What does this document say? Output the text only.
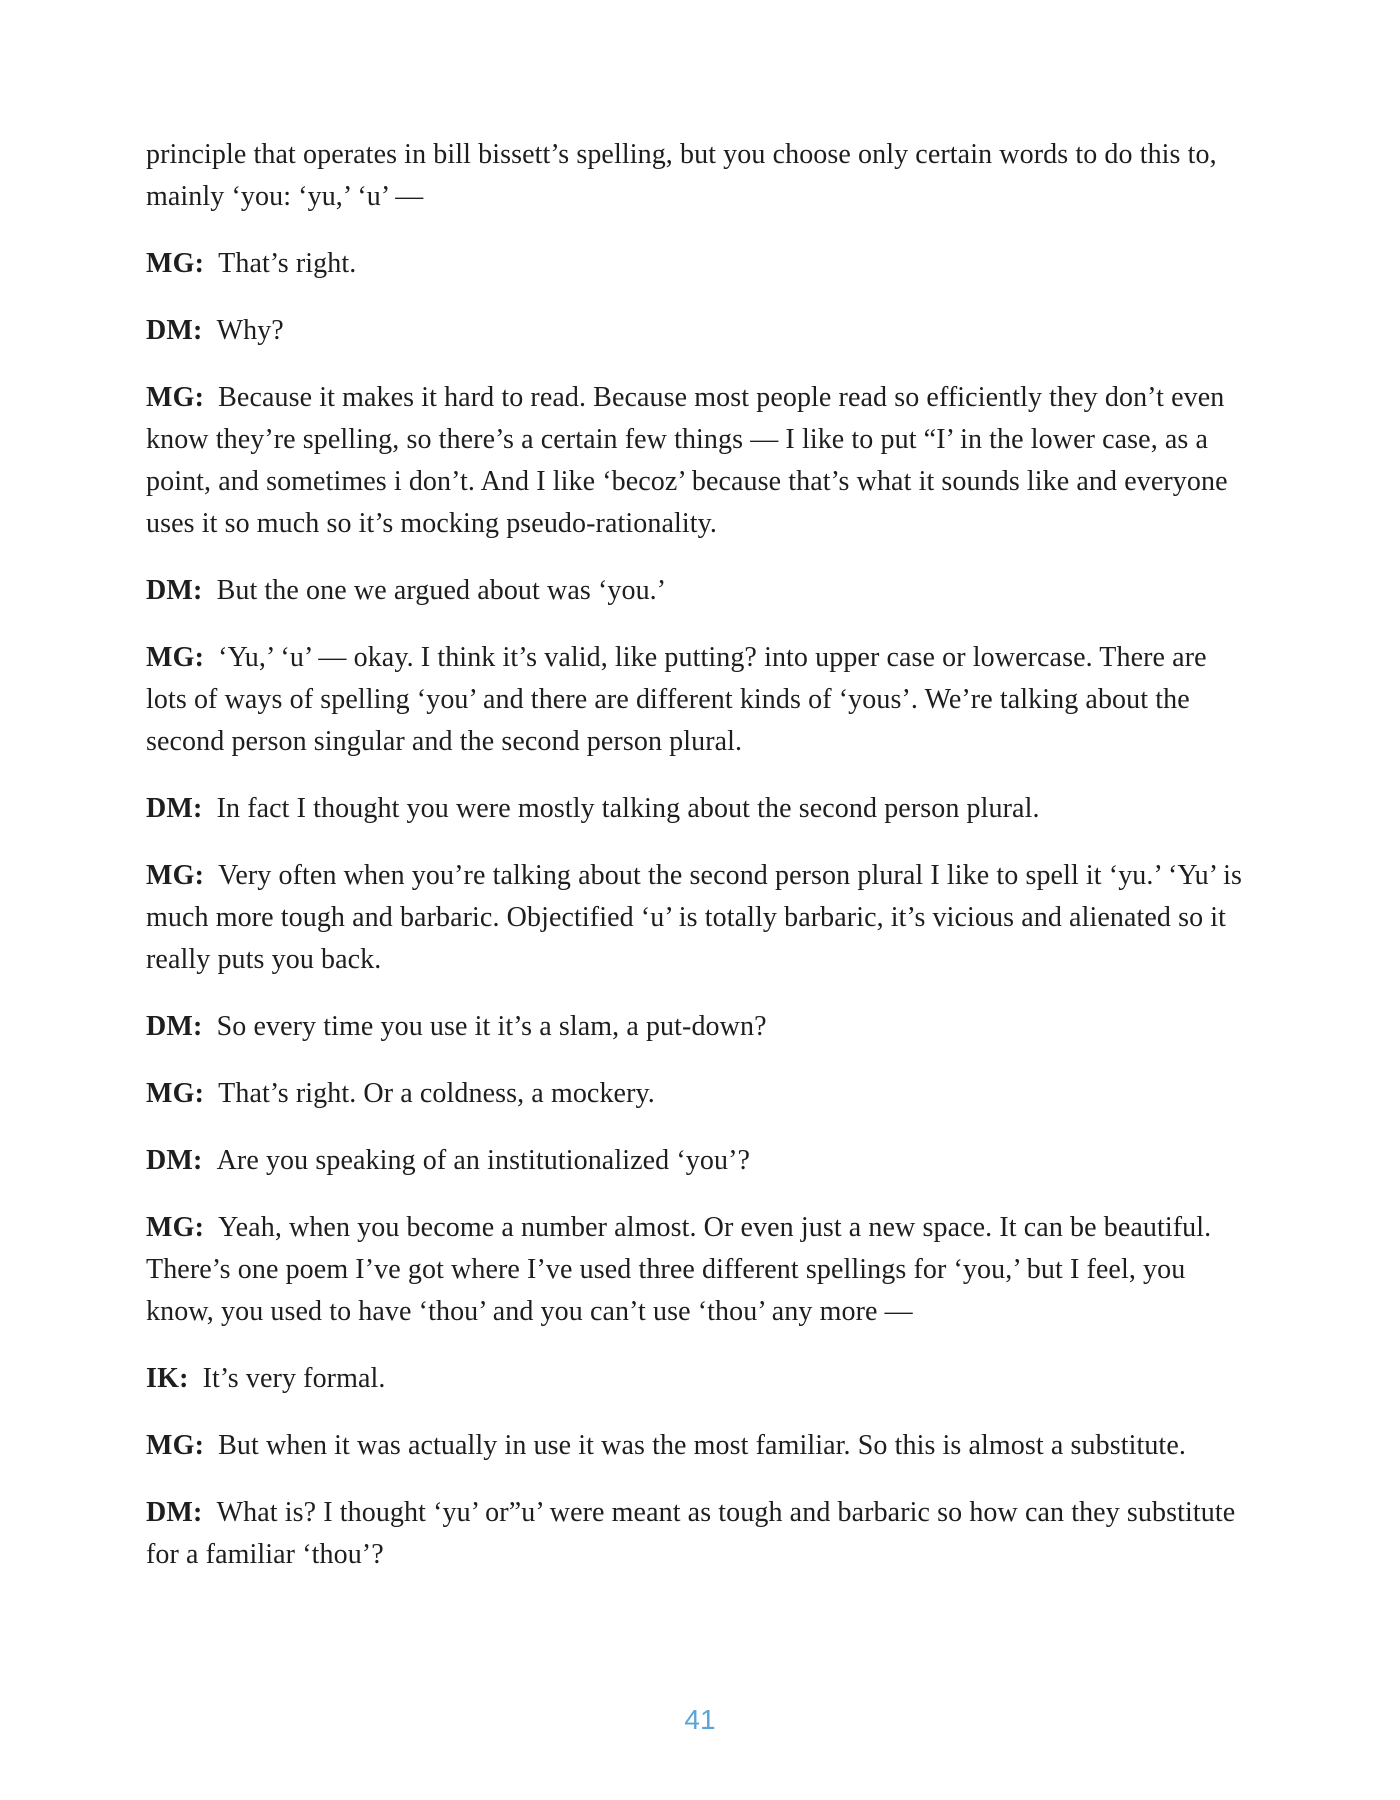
principle that operates in bill bissett’s spelling, but you choose only certain words to do this to, mainly ‘you: ‘yu,’ ‘u’ —

MG: That’s right.

DM: Why?

MG: Because it makes it hard to read. Because most people read so efficiently they don’t even know they’re spelling, so there’s a certain few things — I like to put “I’ in the lower case, as a point, and sometimes i don’t. And I like ‘becoz’ because that’s what it sounds like and everyone uses it so much so it’s mocking pseudo-rationality.

DM: But the one we argued about was ‘you.’

MG: ‘Yu,’ ‘u’ — okay. I think it’s valid, like putting? into upper case or lowercase. There are lots of ways of spelling ‘you’ and there are different kinds of ‘yous’. We’re talking about the second person singular and the second person plural.

DM: In fact I thought you were mostly talking about the second person plural.

MG: Very often when you’re talking about the second person plural I like to spell it ‘yu.’ ‘Yu’ is much more tough and barbaric. Objectified ‘u’ is totally barbaric, it’s vicious and alienated so it really puts you back.

DM: So every time you use it it’s a slam, a put-down?

MG: That’s right. Or a coldness, a mockery.

DM: Are you speaking of an institutionalized ‘you’?

MG: Yeah, when you become a number almost. Or even just a new space. It can be beautiful. There’s one poem I’ve got where I’ve used three different spellings for ‘you,’ but I feel, you know, you used to have ‘thou’ and you can’t use ‘thou’ any more —

IK: It’s very formal.

MG: But when it was actually in use it was the most familiar. So this is almost a substitute.

DM: What is? I thought ‘yu’ or”u’ were meant as tough and barbaric so how can they substitute for a familiar ‘thou’?

41
